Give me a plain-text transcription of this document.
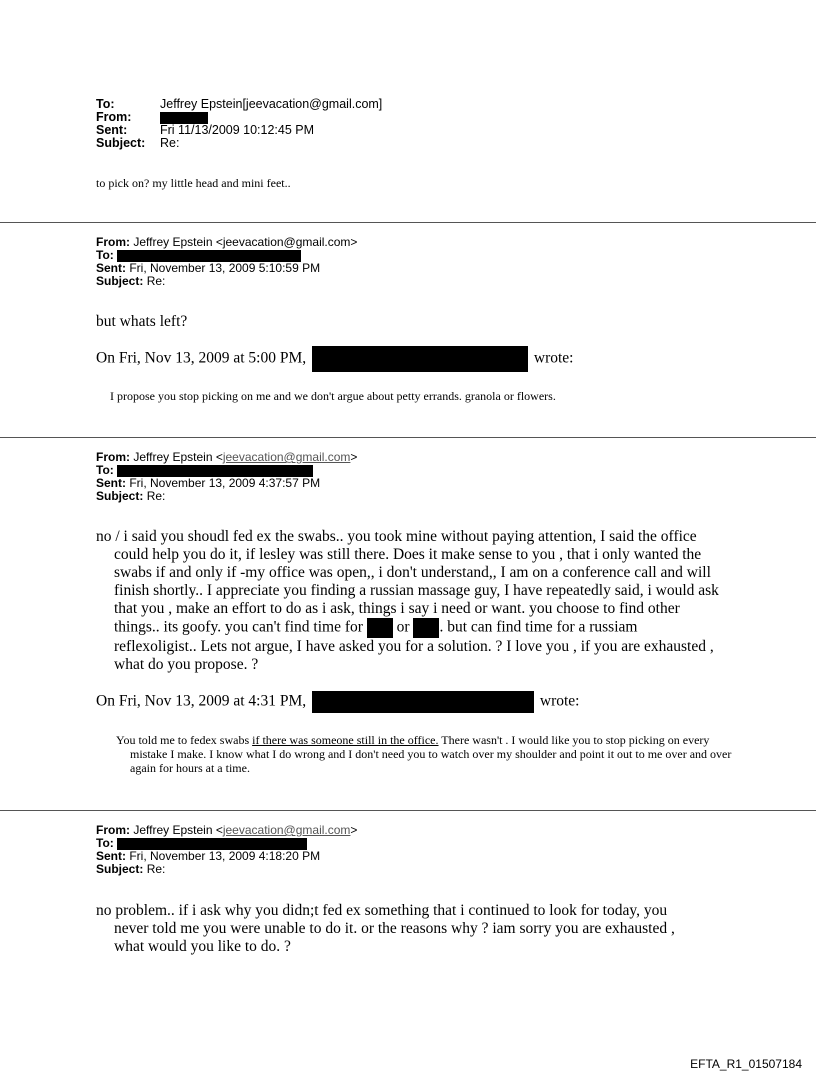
To:	Jeffrey Epstein[jeevacation@gmail.com]
From:
Sent:	Fri 11/13/2009 10:12:45 PM
Subject: Re:
to pick on? my little head and mini feet..
From: Jeffrey Epstein <jeevacation@gmail.com>
To:
Sent: Fri, November 13, 2009 5:10:59 PM
Subject: Re:
but whats left?
On Fri, Nov 13, 2009 at 5:00 PM,	wrote:
I propose you stop picking on me and we don't argue about petty errands. granola or flowers.
From: Jeffrey Epstein <jeevacation@gmail.com>
To:
Sent: Fri, November 13, 2009 4:37:57 PM
Subject: Re:

no / i said you shoudl fed ex the swabs.. you took mine without paying attention, I said the office could help you do it, if lesley was still there. Does it make sense to you , that i only wanted the swabs if and only if -my office was open,, i don't understand,, I am on a conference call and will finish shortly.. I appreciate you finding a russian massage guy, I have repeatedly said, i would ask that you , make an effort to do as i ask, things i say i need or want. you choose to find other things.. its goofy. you can't find time for or . but can find time for a russiam reflexoligist.. Lets not argue, I have asked you for a solution. ? I love you , if you are exhausted , what do you propose. ?

On Fri, Nov 13, 2009 at 4:31 PM,	wrote:
You told me to fedex swabs if there was someone still in the office. There wasn't . I would like you to stop picking on every mistake I make. I know what I do wrong and I don't need you to watch over my shoulder and point it out to me over and over again for hours at a time.
From: Jeffrey Epstein <jeevacation@gmail.com>
To:
Sent: Fri, November 13, 2009 4:18:20 PM
Subject: Re:

no problem.. if i ask why you didn;t fed ex something that i continued to look for today, you never told me you were unable to do it. or the reasons why ? iam sorry you are exhausted , what would you like to do. ?

EFTA_R1_01507184
